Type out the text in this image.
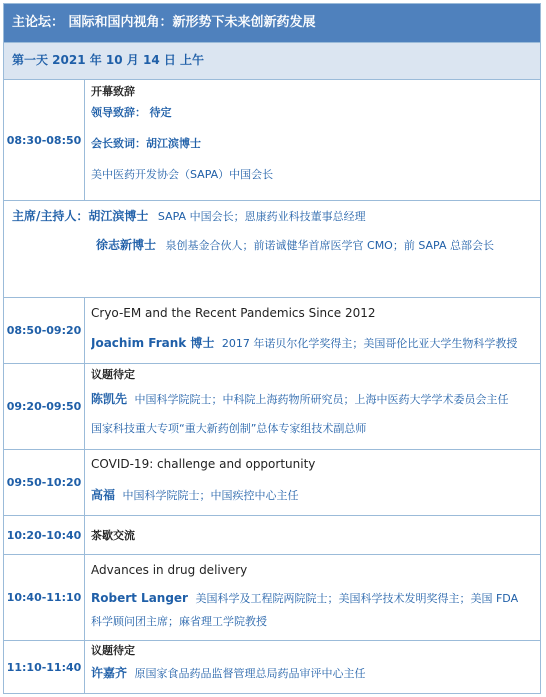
主论坛： 国际和国内视角：新形势下未来创新药发展
第一天 2021 年 10 月 14 日 上午
08:30-08:50

开幕致辞

领导致辞： 待定

会长致词：胡江滨博士

美中医药开发协会（SAPA）中国会长

主席/主持人：胡江滨博士 SAPA 中国会长；恩康药业科技董事总经理

徐志新博士 泉创基金合伙人；前诺诚健华首席医学官 CMO；前 SAPA 总部会长

08:50-09:20

Cryo-EM and the Recent Pandemics Since 2012

Joachim Frank 博士 2017 年诺贝尔化学奖得主；美国哥伦比亚大学生物科学教授

09:20-09:50

议题待定

陈凯先 中国科学院院士；中科院上海药物所研究员；上海中医药大学学术委员会主任

国家科技重大专项“重大新药创制”总体专家组技术副总师

09:50-10:20

COVID-19: challenge and opportunity

高福 中国科学院院士；中国疾控中心主任

10:20-10:40 茶歇交流

10:40-11:10

Advances in drug delivery

Robert Langer 美国科学及工程院两院院士；美国科学技术发明奖得主；美国 FDA

科学顾问团主席；麻省理工学院教授

11:10-11:40

议题待定

许嘉齐 原国家食品药品监督管理总局药品审评中心主任
